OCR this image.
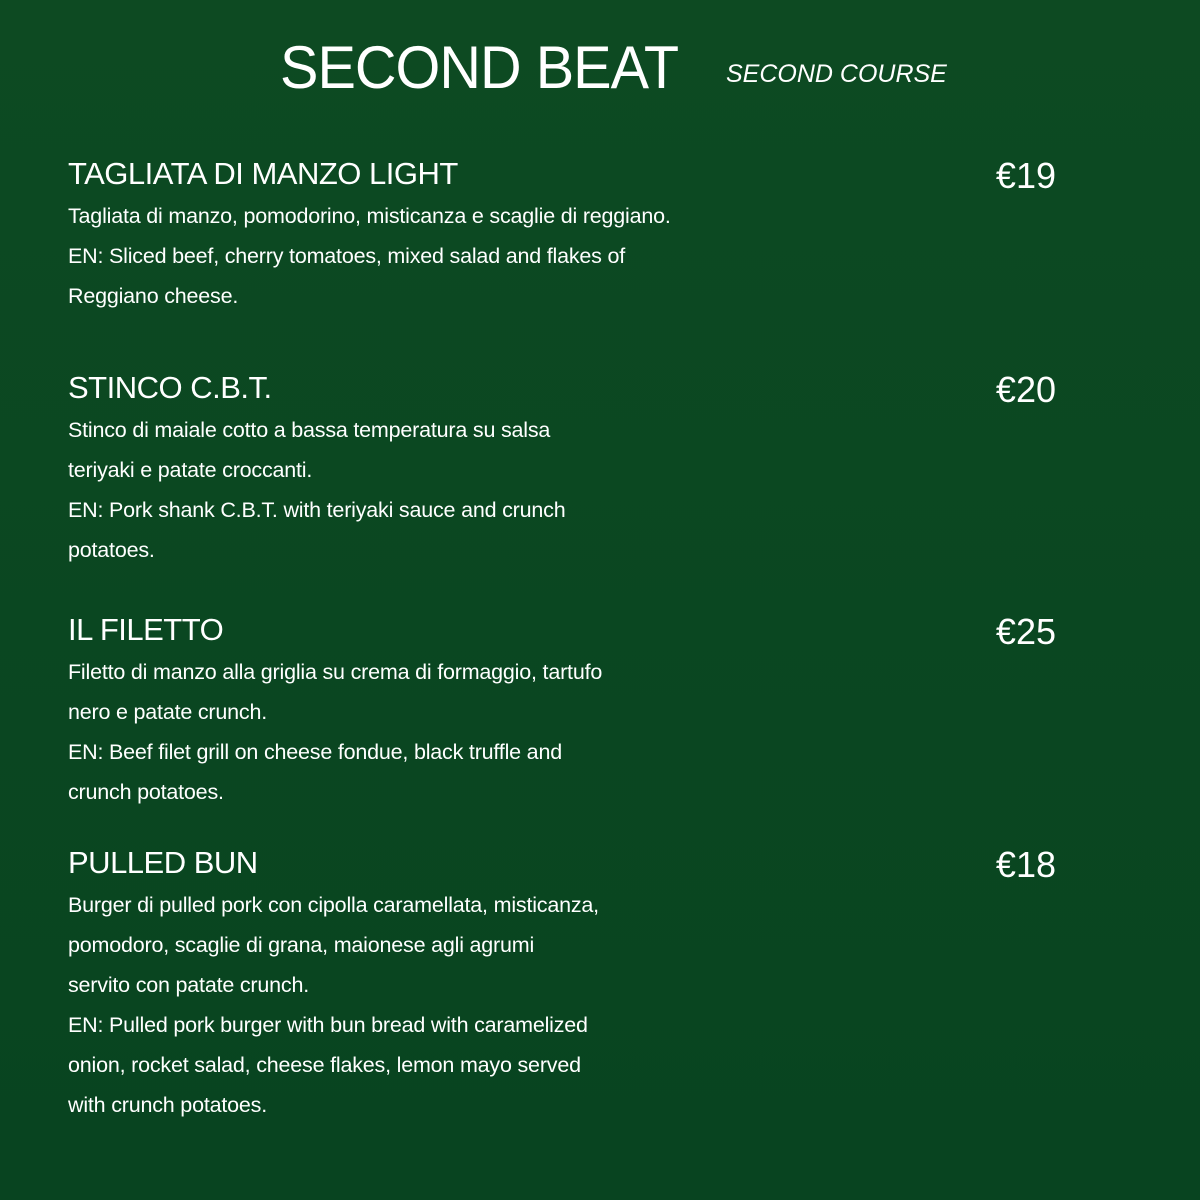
SECOND BEAT SECOND COURSE
TAGLIATA DI MANZO LIGHT	€19
Tagliata di manzo, pomodorino, misticanza e scaglie di reggiano.
EN: Sliced beef, cherry tomatoes, mixed salad and flakes of
Reggiano cheese.
STINCO C.B.T.	€20
Stinco di maiale cotto a bassa temperatura su salsa
teriyaki e patate croccanti.
EN: Pork shank C.B.T. with teriyaki sauce and crunch
potatoes.
IL FILETTO	€25
Filetto di manzo alla griglia su crema di formaggio, tartufo
nero e patate crunch.
EN: Beef filet grill on cheese fondue, black truffle and
crunch potatoes.
PULLED BUN	€18
Burger di pulled pork con cipolla caramellata, misticanza,
pomodoro, scaglie di grana, maionese agli agrumi
servito con patate crunch.
EN: Pulled pork burger with bun bread with caramelized
onion, rocket salad, cheese flakes, lemon mayo served
with crunch potatoes.
